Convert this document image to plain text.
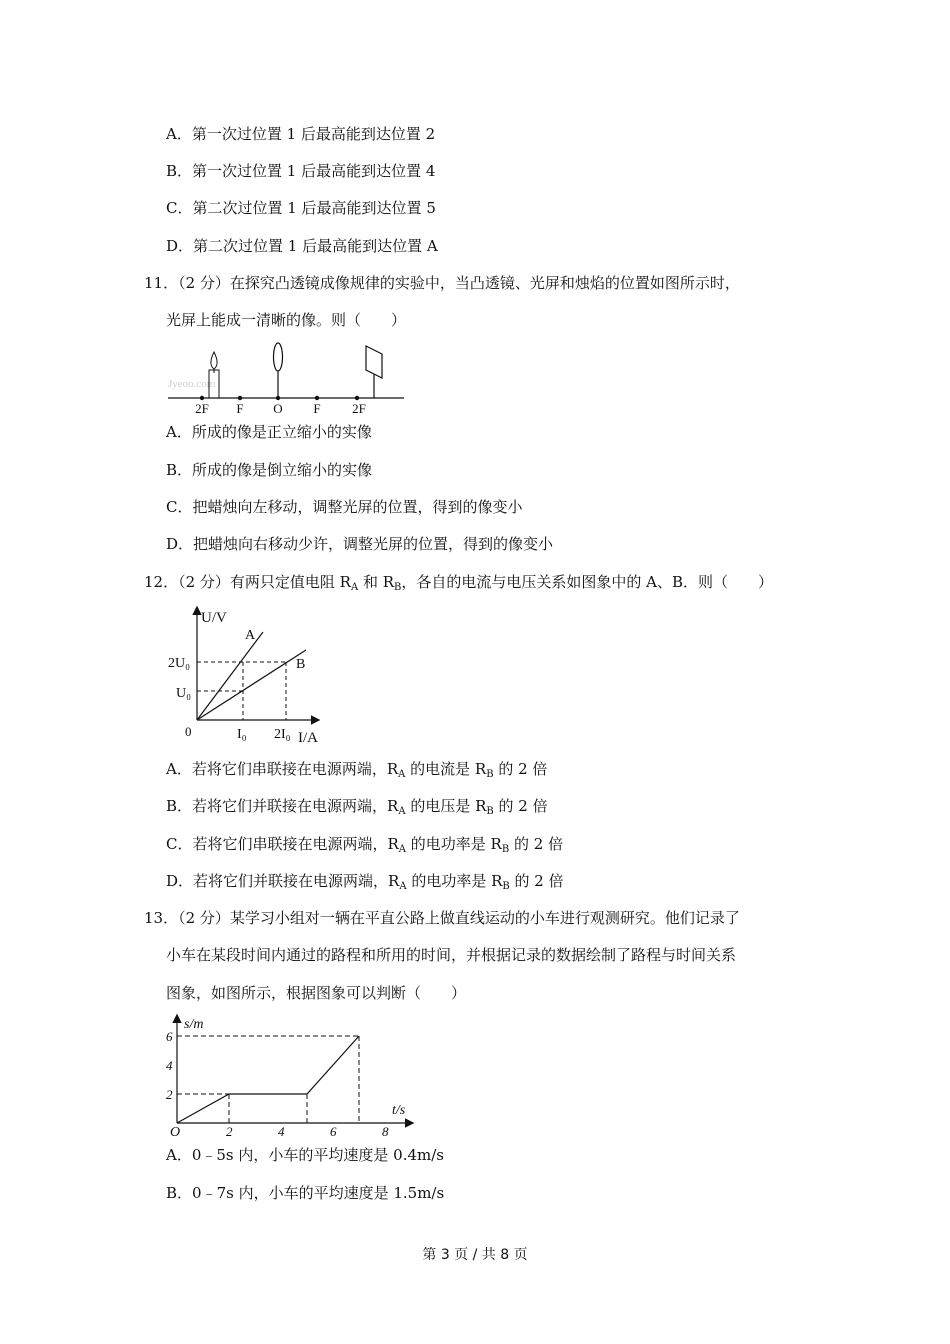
A．第一次过位置 1 后最高能到达位置 2
B．第一次过位置 1 后最高能到达位置 4
C．第二次过位置 1 后最高能到达位置 5
D．第二次过位置 1 后最高能到达位置 A
11．（2 分）在探究凸透镜成像规律的实验中，当凸透镜、光屏和烛焰的位置如图所示时，
光屏上能成一清晰的像。则（　　）
Jyeoo.com
2F F O F 2F
A．所成的像是正立缩小的实像
B．所成的像是倒立缩小的实像
C．把蜡烛向左移动，调整光屏的位置，得到的像变小
D．把蜡烛向右移动少许，调整光屏的位置，得到的像变小
12．（2 分）有两只定值电阻 $R_A$ 和 $R_B$，各自的电流与电压关系如图象中的 A、B．则（　　）
U/V
I/A
0
A
B
2U₀
U₀
I₀ 2I₀
A．若将它们串联接在电源两端，$R_A$ 的电流是 $R_B$ 的 2 倍
B．若将它们并联接在电源两端，$R_A$ 的电压是 $R_B$ 的 2 倍
C．若将它们串联接在电源两端，$R_A$ 的电功率是 $R_B$ 的 2 倍
D．若将它们并联接在电源两端，$R_A$ 的电功率是 $R_B$ 的 2 倍
13．（2 分）某学习小组对一辆在平直公路上做直线运动的小车进行观测研究。他们记录了
小车在某段时间内通过的路程和所用的时间，并根据记录的数据绘制了路程与时间关系
图象，如图所示，根据图象可以判断（　　）
s/m
t/s
O	2	4	6	8
6
4
2
A．0﹣5s 内，小车的平均速度是 0.4m/s
B．0﹣7s 内，小车的平均速度是 1.5m/s
第 3 页 / 共 8 页
